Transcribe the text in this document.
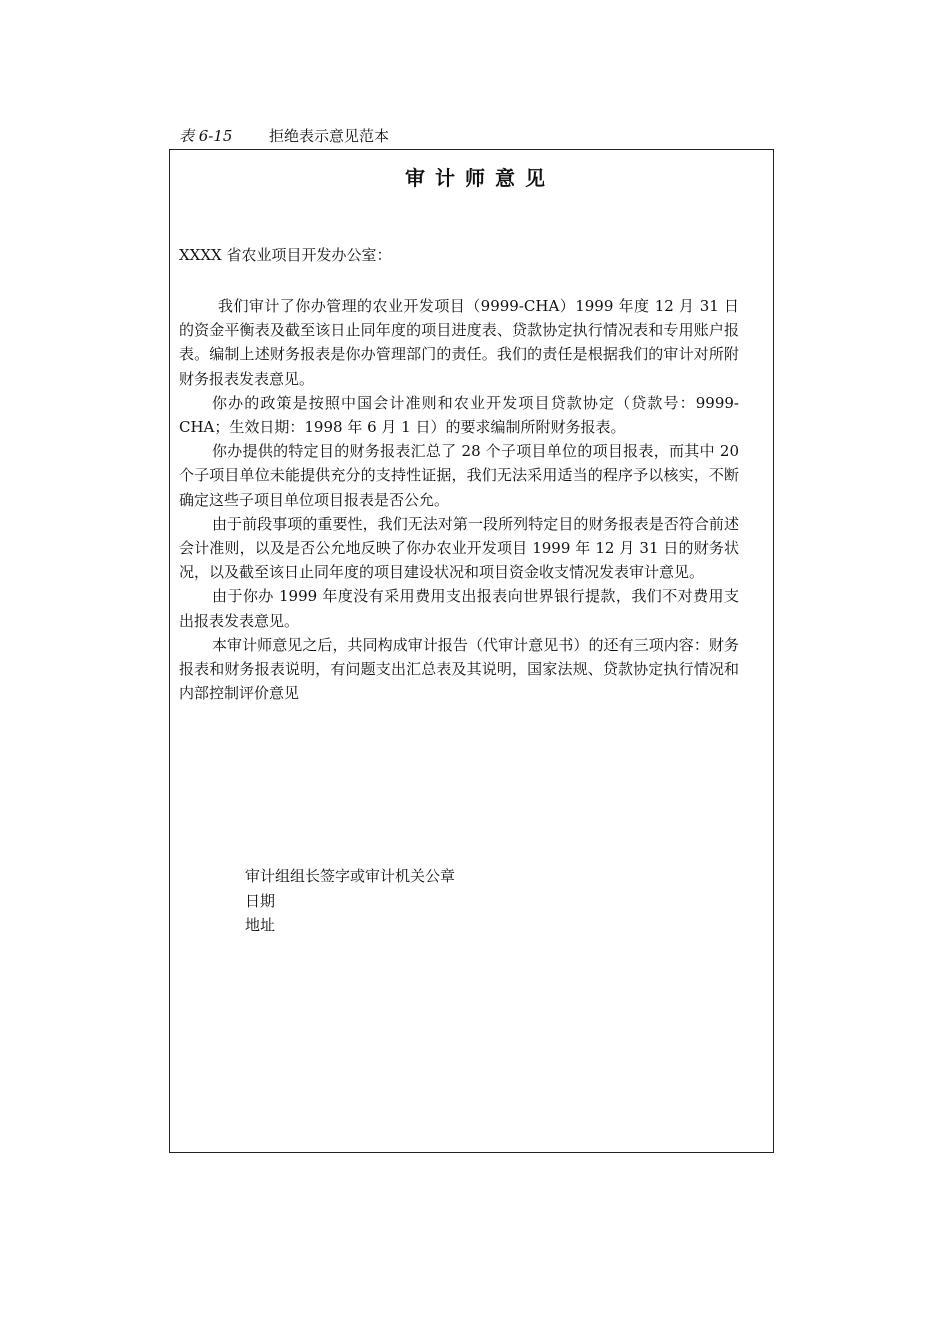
表 6-15 拒绝表示意见范本
审计师意见
XXXX 省农业项目开发办公室：

我们审计了你办管理的农业开发项目（9999-CHA）1999 年度 12 月 31 日的资金平衡表及截至该日止同年度的项目进度表、贷款协定执行情况表和专用账户报表。编制上述财务报表是你办管理部门的责任。我们的责任是根据我们的审计对所附财务报表发表意见。

你办的政策是按照中国会计准则和农业开发项目贷款协定（贷款号：9999-CHA；生效日期：1998 年 6 月 1 日）的要求编制所附财务报表。

你办提供的特定目的财务报表汇总了 28 个子项目单位的项目报表，而其中 20 个子项目单位未能提供充分的支持性证据，我们无法采用适当的程序予以核实，不断确定这些子项目单位项目报表是否公允。

由于前段事项的重要性，我们无法对第一段所列特定目的财务报表是否符合前述会计准则，以及是否公允地反映了你办农业开发项目 1999 年 12 月 31 日的财务状况，以及截至该日止同年度的项目建设状况和项目资金收支情况发表审计意见。

由于你办 1999 年度没有采用费用支出报表向世界银行提款，我们不对费用支出报表发表意见。

本审计师意见之后，共同构成审计报告（代审计意见书）的还有三项内容：财务报表和财务报表说明，有问题支出汇总表及其说明，国家法规、贷款协定执行情况和内部控制评价意见

审计组组长签字或审计机关公章
日期
地址
